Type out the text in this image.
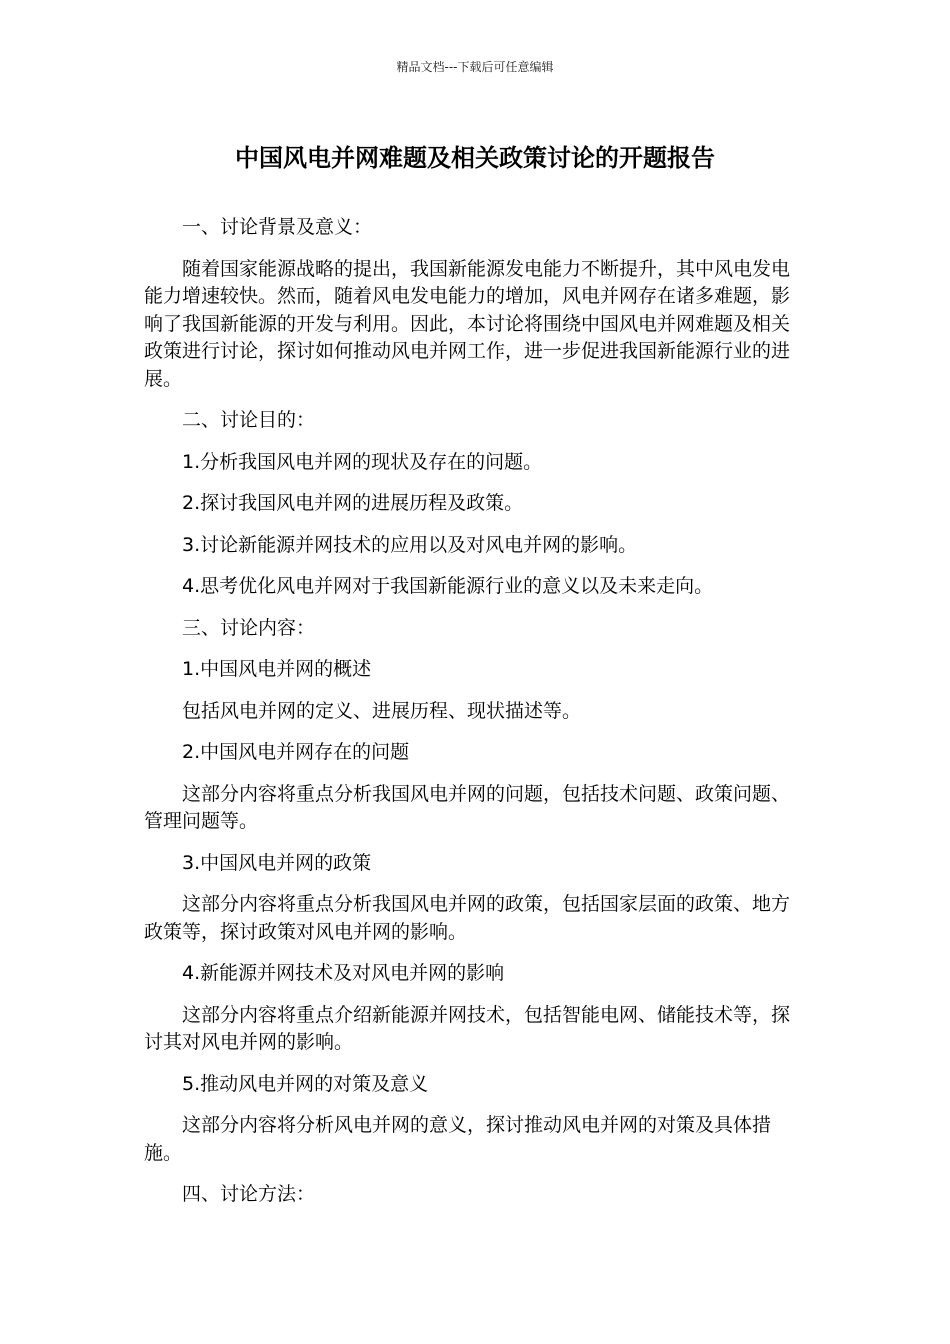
精品文档---下载后可任意编辑
中国风电并网难题及相关政策讨论的开题报告

一、讨论背景及意义：

随着国家能源战略的提出，我国新能源发电能力不断提升，其中风电发电能力增速较快。然而，随着风电发电能力的增加，风电并网存在诸多难题，影响了我国新能源的开发与利用。因此，本讨论将围绕中国风电并网难题及相关政策进行讨论，探讨如何推动风电并网工作，进一步促进我国新能源行业的进展。

二、讨论目的：

1.分析我国风电并网的现状及存在的问题。

2.探讨我国风电并网的进展历程及政策。

3.讨论新能源并网技术的应用以及对风电并网的影响。

4.思考优化风电并网对于我国新能源行业的意义以及未来走向。

三、讨论内容：

1.中国风电并网的概述

包括风电并网的定义、进展历程、现状描述等。

2.中国风电并网存在的问题

这部分内容将重点分析我国风电并网的问题，包括技术问题、政策问题、管理问题等。

3.中国风电并网的政策

这部分内容将重点分析我国风电并网的政策，包括国家层面的政策、地方政策等，探讨政策对风电并网的影响。

4.新能源并网技术及对风电并网的影响

这部分内容将重点介绍新能源并网技术，包括智能电网、储能技术等，探讨其对风电并网的影响。

5.推动风电并网的对策及意义

这部分内容将分析风电并网的意义，探讨推动风电并网的对策及具体措施。

四、讨论方法：
